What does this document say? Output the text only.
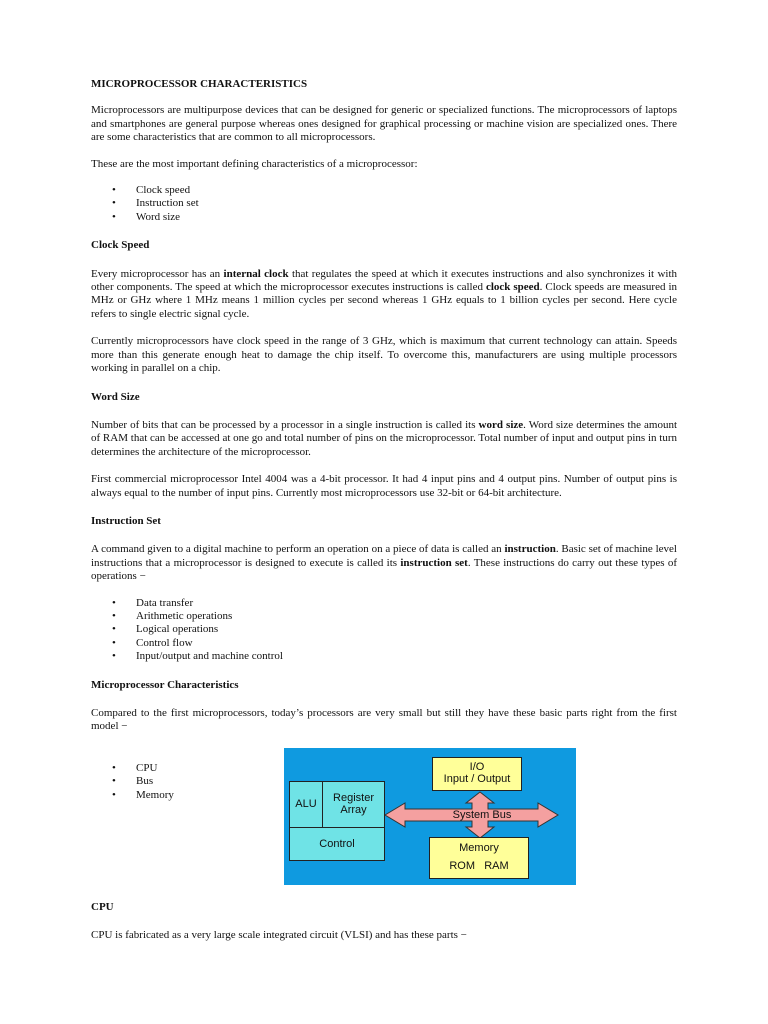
MICROPROCESSOR CHARACTERISTICS

Microprocessors are multipurpose devices that can be designed for generic or specialized functions. The microprocessors of laptops and smartphones are general purpose whereas ones designed for graphical processing or machine vision are specialized ones. There are some characteristics that are common to all microprocessors.

These are the most important defining characteristics of a microprocessor:

• Clock speed
• Instruction set
• Word size
Clock Speed

Every microprocessor has an internal clock that regulates the speed at which it executes instructions and also synchronizes it with other components. The speed at which the microprocessor executes instructions is called clock speed. Clock speeds are measured in MHz or GHz where 1 MHz means 1 million cycles per second whereas 1 GHz equals to 1 billion cycles per second. Here cycle refers to single electric signal cycle.

Currently microprocessors have clock speed in the range of 3 GHz, which is maximum that current technology can attain. Speeds more than this generate enough heat to damage the chip itself. To overcome this, manufacturers are using multiple processors working in parallel on a chip.

Word Size

Number of bits that can be processed by a processor in a single instruction is called its word size. Word size determines the amount of RAM that can be accessed at one go and total number of pins on the microprocessor. Total number of input and output pins in turn determines the architecture of the microprocessor.

First commercial microprocessor Intel 4004 was a 4-bit processor. It had 4 input pins and 4 output pins. Number of output pins is always equal to the number of input pins. Currently most microprocessors use 32-bit or 64-bit architecture.

Instruction Set

A command given to a digital machine to perform an operation on a piece of data is called an instruction. Basic set of machine level instructions that a microprocessor is designed to execute is called its instruction set. These instructions do carry out these types of operations −

• Data transfer
• Arithmetic operations
• Logical operations
• Control flow
• Input/output and machine control
Microprocessor Characteristics

Compared to the first microprocessors, today’s processors are very small but still they have these basic parts right from the first model −

• CPU
• Bus
• Memory
ALU Register
Array
Control
I/O
Input / Output
System Bus
Memory
ROM   RAM
CPU

CPU is fabricated as a very large scale integrated circuit (VLSI) and has these parts −
